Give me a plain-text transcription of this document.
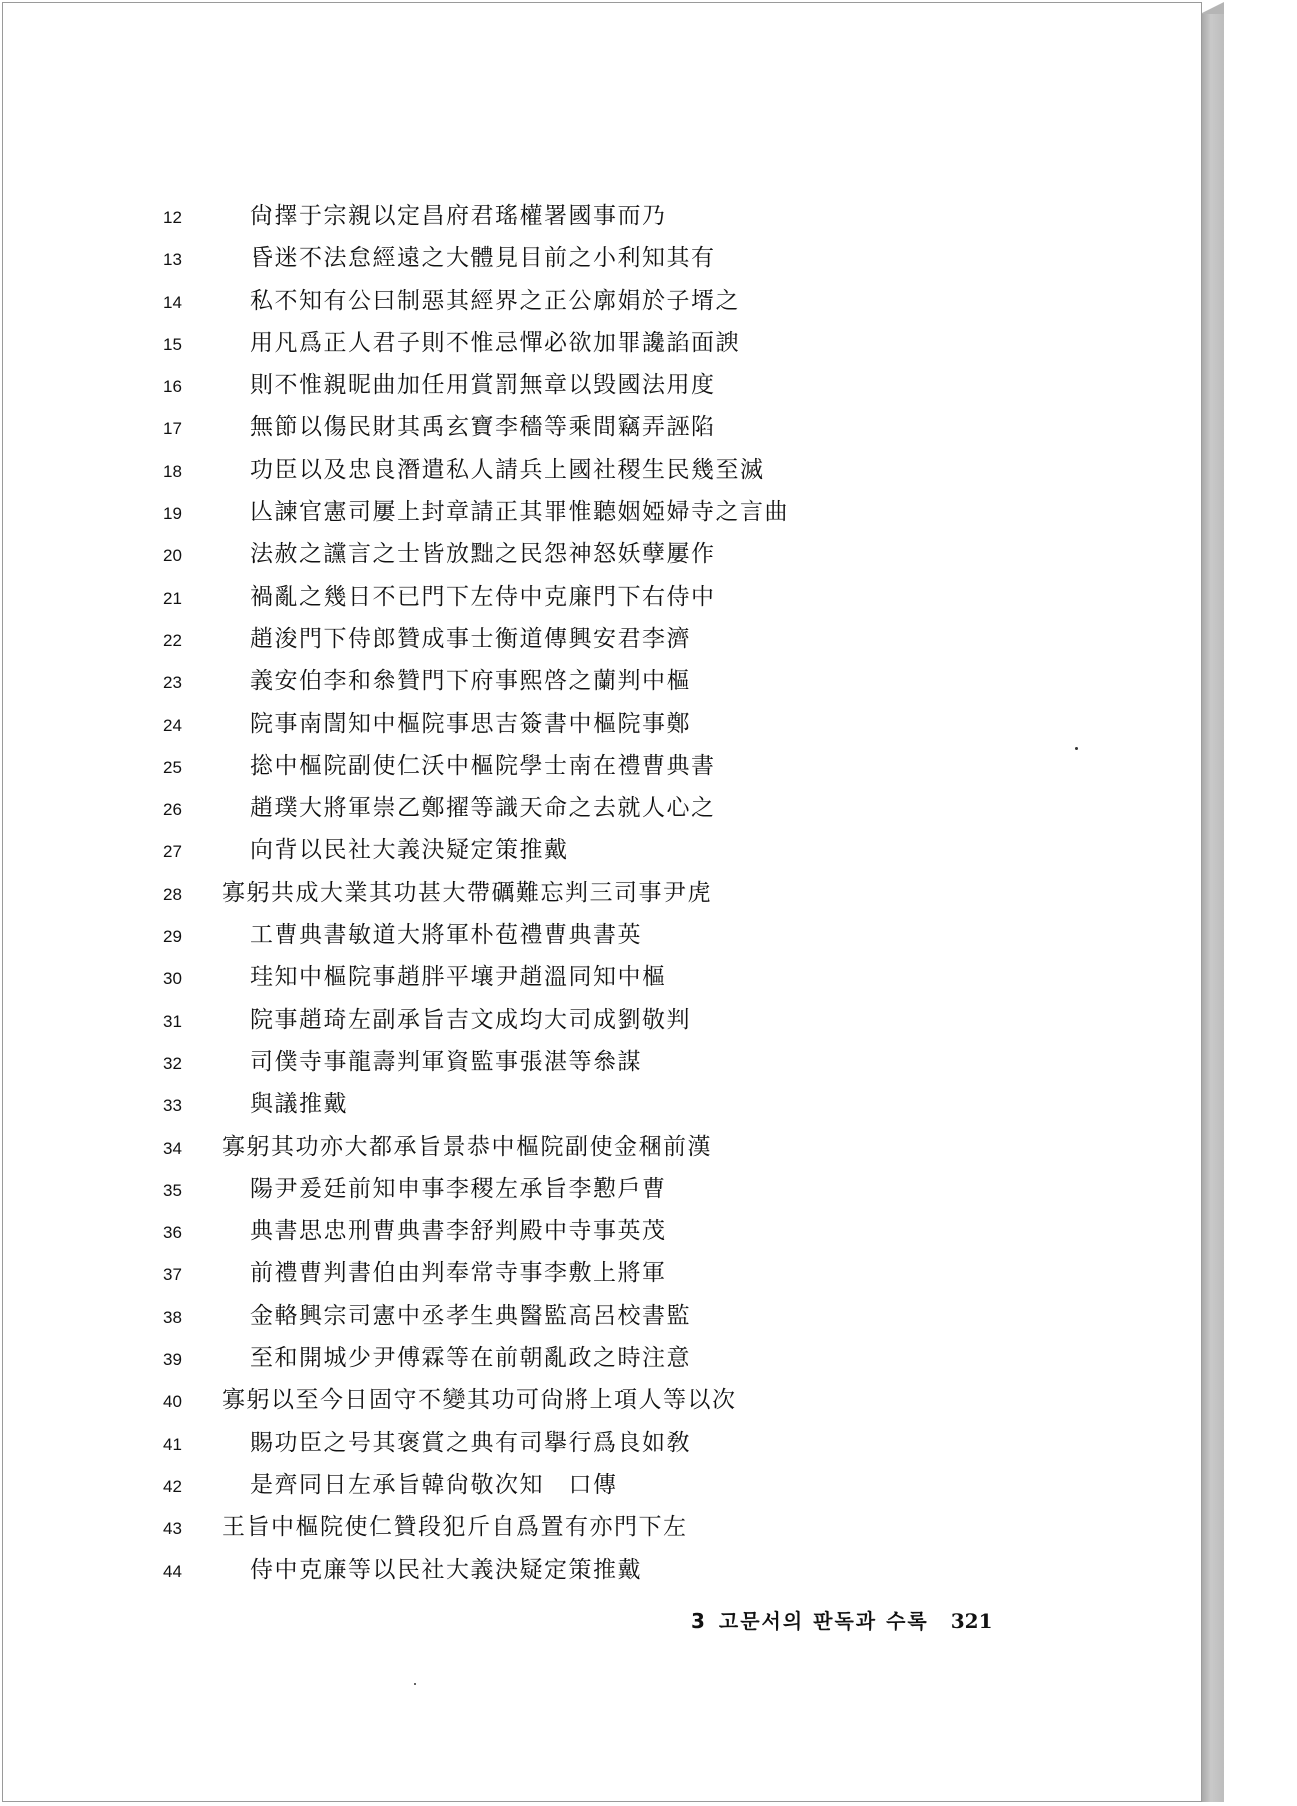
12	尙擇于宗親以定昌府君瑤權署國事而乃
13	昏迷不法怠經遠之大體見目前之小利知其有
14	私不知有公曰制惡其經界之正公廓娟於子壻之
15	用凡爲正人君子則不惟忌憚必欲加罪讒諂面諛
16	則不惟親昵曲加任用賞罰無章以毁國法用度
17	無節以傷民財其禹玄寶李穡等乘間竊弄誣陷
18	功臣以及忠良潛遣私人請兵上國社稷生民幾至滅
19	亾諫官憲司屢上封章請正其罪惟聽姻婭婦寺之言曲
20	法赦之讜言之士皆放黜之民怨神怒妖孽屢作
21	禍亂之幾日不已門下左侍中克廉門下右侍中
22	趙浚門下侍郎贊成事士衡道傳興安君李濟
23	義安伯李和叅贊門下府事熙啓之蘭判中樞
24	院事南誾知中樞院事思吉簽書中樞院事鄭
25	捴中樞院副使仁沃中樞院學士南在禮曹典書
26	趙璞大將軍崇乙鄭擢等識天命之去就人心之
27	向背以民社大義決疑定策推戴
28	寡躬共成大業其功甚大帶礪難忘判三司事尹虎
29	工曹典書敏道大將軍朴苞禮曹典書英
30	珪知中樞院事趙胖平壤尹趙溫同知中樞
31	院事趙琦左副承旨吉文成均大司成劉敬判
32	司僕寺事龍壽判軍資監事張湛等叅謀
33	與議推戴
34	寡躬其功亦大都承旨景恭中樞院副使金稛前漢
35	陽尹爰廷前知申事李稷左承旨李懃戶曹
36	典書思忠刑曹典書李舒判殿中寺事英茂
37	前禮曹判書伯由判奉常寺事李敷上將軍
38	金輅興宗司憲中丞孝生典醫監高呂校書監
39	至和開城少尹傅霖等在前朝亂政之時注意
40	寡躬以至今日固守不變其功可尙將上項人等以次
41	賜功臣之号其褒賞之典有司擧行爲良如敎
42	是齊同日左承旨韓尙敬次知　口傳
43	王旨中樞院使仁贊段犯斤自爲置有亦門下左
44	侍中克廉等以民社大義決疑定策推戴
3 고문서의 판독과 수록 321
